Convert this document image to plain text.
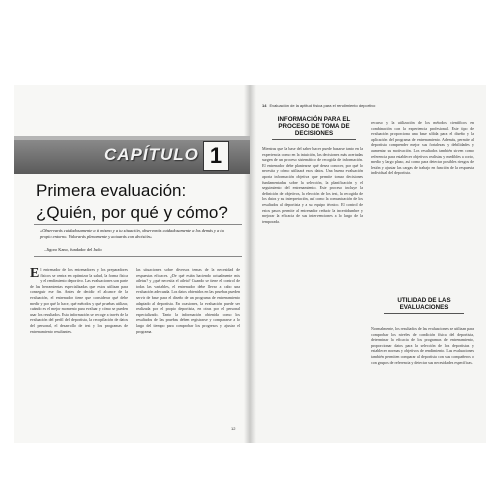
14 Evaluación de la aptitud física para el rendimiento deportivo
CAPÍTULO 1
Primera evaluación:
¿Quién, por qué y cómo?
«Observarás cuidadosamente a ti mismo y a tu situación, observarás cuidadosamente a los demás y a tu propio entorno. Valorarás plenamente y actuarás con decisión»
–Jigoro Kano, fundador del Judo
El entrenador de los entrenadores y los preparadores físicos se centra en optimizar la salud, la forma física y el rendimiento deportivo. Las evaluaciones son parte de las herramientas especializadas que estos utilizan para conseguir ese fin. Antes de decidir el alcance de la evaluación, el entrenador tiene que considerar qué debe medir y por qué lo hace, qué métodos y qué pruebas utilizar, cuándo es el mejor momento para evaluar y cómo se pueden usar los resultados. Esta información se recoge a través de la evaluación del perfil del deportista, la recopilación de datos del personal, el desarrollo de test y los programas de entrenamiento resultantes.
las situaciones sobre diversos temas de la necesidad de respuestas eficaces. ¿De qué están haciendo actualmente mis atletas? y ¿qué necesita el atleta? Cuando se tiene el control de todas las variables, el entrenador debe llevar a cabo una evaluación adecuada. Los datos obtenidos en las pruebas pueden servir de base para el diseño de un programa de entrenamiento adaptado al deportista. En ocasiones, la evaluación puede ser realizada por el propio deportista, en otras por el personal especializado. Tanto la información obtenida como los resultados de las pruebas deben registrarse y compararse a lo largo del tiempo para comprobar los progresos y ajustar el programa.
INFORMACIÓN PARA EL PROCESO DE TOMA DE DECISIONES
Mientras que la base del saber hacer puede basarse tanto en la experiencia como en la intuición, las decisiones más acertadas surgen de un proceso sistemático de recogida de información. El entrenador debe plantearse qué desea conocer, por qué lo necesita y cómo utilizará esos datos. Una buena evaluación aporta información objetiva que permite tomar decisiones fundamentadas sobre la selección, la planificación y el seguimiento del entrenamiento. Este proceso incluye la definición de objetivos, la elección de los test, la recogida de los datos y su interpretación, así como la comunicación de los resultados al deportista y a su equipo técnico. El control de estos pasos permite al entrenador reducir la incertidumbre y mejorar la eficacia de sus intervenciones a lo largo de la temporada.
recurso y la utilización de los métodos científicos en combinación con la experiencia profesional. Este tipo de evaluación proporciona una base sólida para el diseño y la aplicación del programa de entrenamiento. Además, permite al deportista comprender mejor sus fortalezas y debilidades y aumentar su motivación. Los resultados también sirven como referencia para establecer objetivos realistas y medibles a corto, medio y largo plazo, así como para detectar posibles riesgos de lesión y ajustar las cargas de trabajo en función de la respuesta individual del deportista.
UTILIDAD DE LAS EVALUACIONES
Normalmente, los resultados de las evaluaciones se utilizan para comprobar los niveles de condición física del deportista, determinar la eficacia de los programas de entrenamiento, proporcionar datos para la selección de los deportistas y establecer normas y objetivos de rendimiento. Las evaluaciones también permiten comparar al deportista con sus compañeros o con grupos de referencia y detectar sus necesidades específicas.
12
